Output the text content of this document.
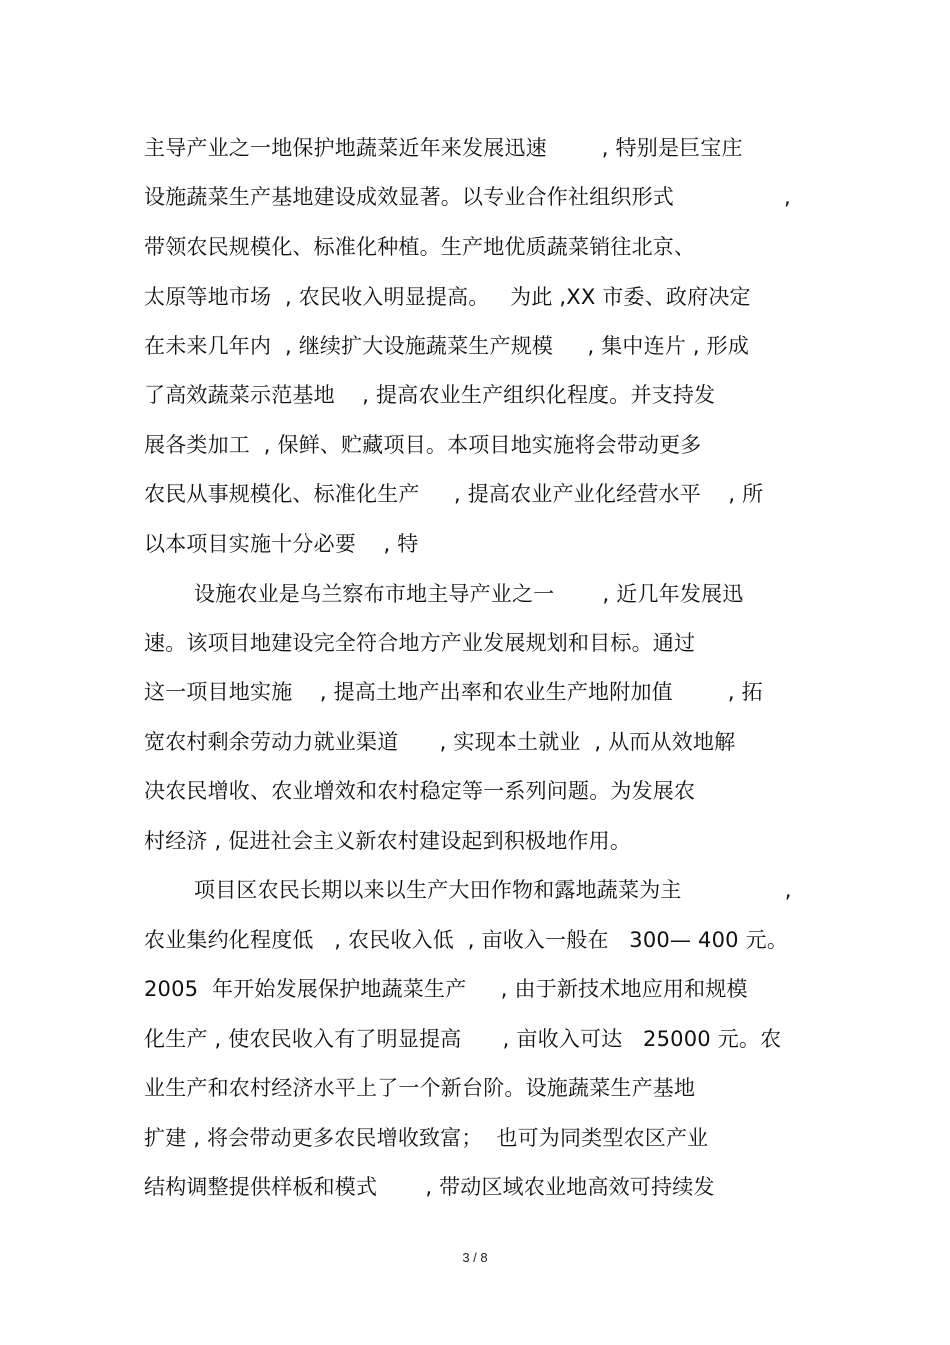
主导产业之一地保护地蔬菜近年来发展迅速        , 特别是巨宝庄
设施蔬菜生产基地建设成效显著。以专业合作社组织形式                ,
带领农民规模化、标准化种植。生产地优质蔬菜销往北京、
太原等地市场  , 农民收入明显提高。   为此 ,XX 市委、政府决定
在未来几年内  , 继续扩大设施蔬菜生产规模     , 集中连片 , 形成
了高效蔬菜示范基地    , 提高农业生产组织化程度。并支持发
展各类加工  , 保鲜、贮藏项目。本项目地实施将会带动更多
农民从事规模化、标准化生产     , 提高农业产业化经营水平    , 所
以本项目实施十分必要    , 特
设施农业是乌兰察布市地主导产业之一       , 近几年发展迅
速。该项目地建设完全符合地方产业发展规划和目标。通过
这一项目地实施    , 提高土地产出率和农业生产地附加值        , 拓
宽农村剩余劳动力就业渠道      , 实现本土就业  , 从而从效地解
决农民增收、农业增效和农村稳定等一系列问题。为发展农
村经济 , 促进社会主义新农村建设起到积极地作用。
项目区农民长期以来以生产大田作物和露地蔬菜为主               ,
农业集约化程度低   , 农民收入低  , 亩收入一般在   300— 400 元。
2005  年开始发展保护地蔬菜生产     , 由于新技术地应用和规模
化生产 , 使农民收入有了明显提高      , 亩收入可达   25000 元。农
业生产和农村经济水平上了一个新台阶。设施蔬菜生产基地
扩建 , 将会带动更多农民增收致富；  也可为同类型农区产业
结构调整提供样板和模式       , 带动区域农业地高效可持续发
3 / 8
